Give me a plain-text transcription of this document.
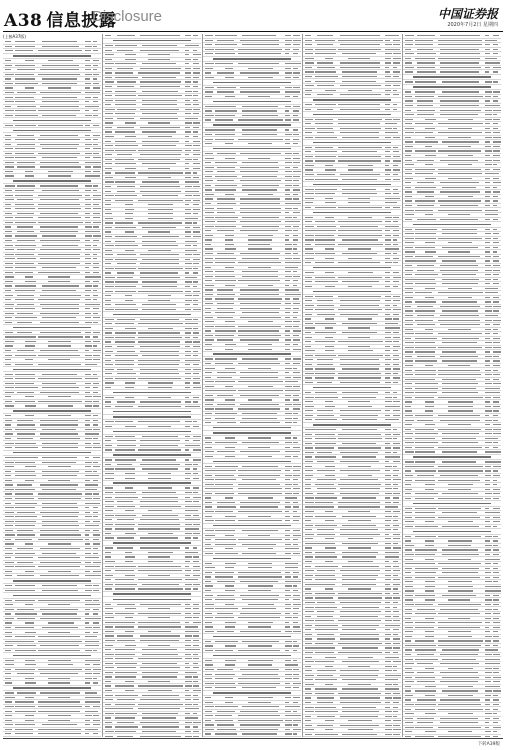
A38 信息披露
Disclosure	中国证券报
2020年7月2日 星期四
(上接A37版)
下转A39版
